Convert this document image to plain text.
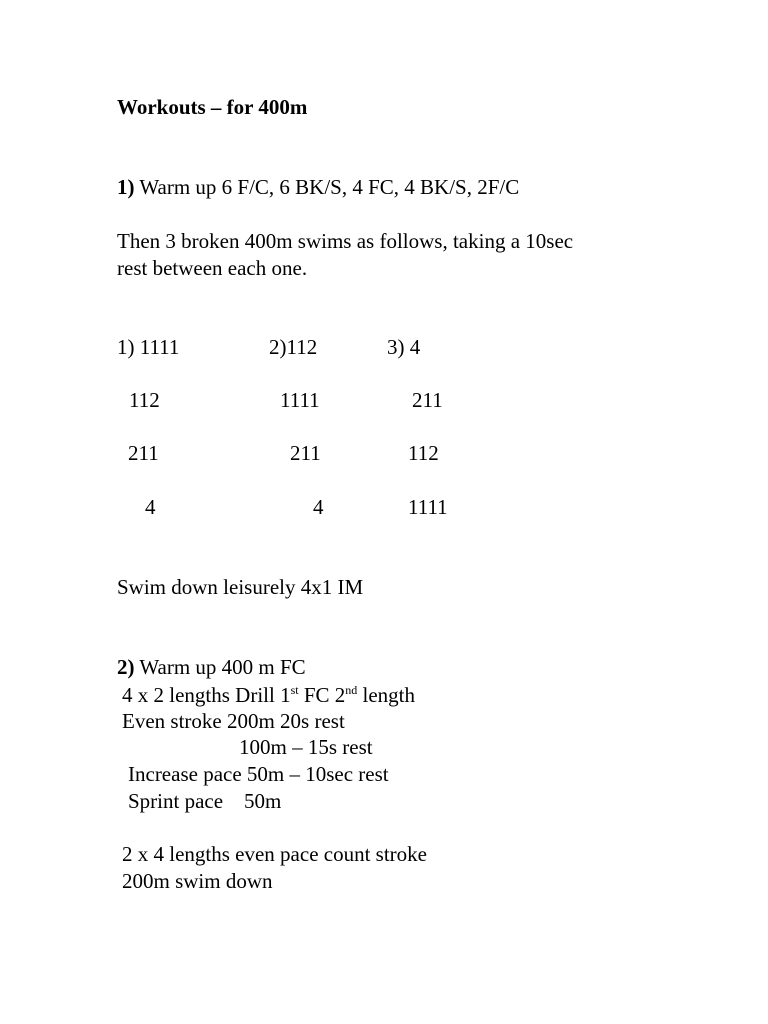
Workouts – for 400m
1) Warm up 6 F/C, 6 BK/S, 4 FC, 4 BK/S, 2F/C
Then 3 broken 400m swims as follows, taking a 10sec
rest between each one.
1) 1111
112
211
4
2)112
1111
211
4
3) 4
211
112
1111
Swim down leisurely 4x1 IM
2) Warm up 400 m FC
4 x 2 lengths Drill 1st FC 2nd length
Even stroke 200m 20s rest
100m – 15s rest
Increase pace 50m – 10sec rest
Sprint pace    50m
2 x 4 lengths even pace count stroke
200m swim down
